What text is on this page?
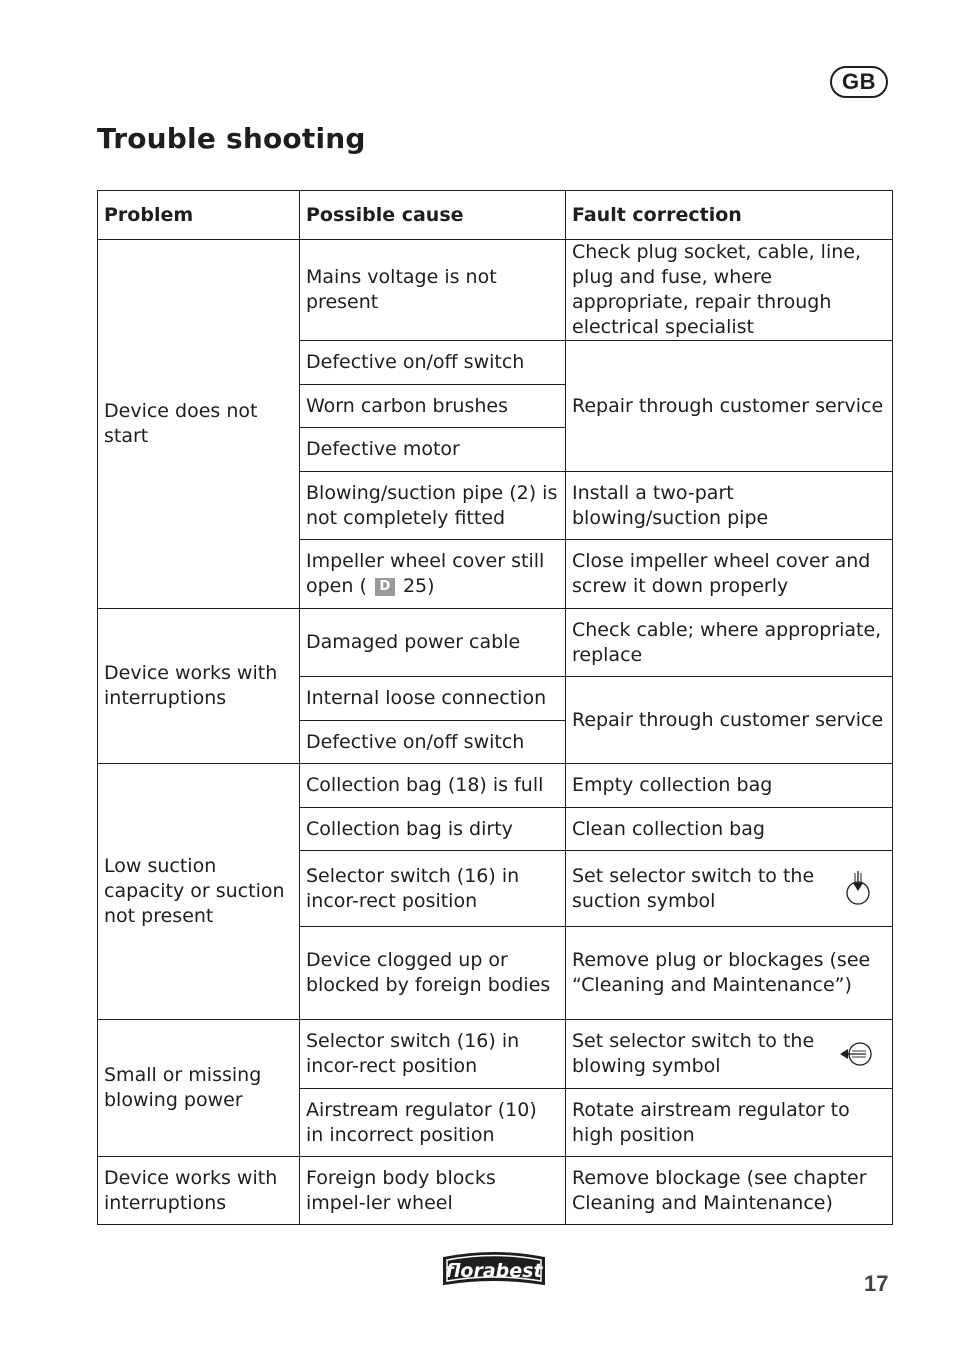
GB
Trouble shooting
Problem	Possible cause	Fault correction
Device does not start	Mains voltage is not present	Check plug socket, cable, line, plug and fuse, where appropriate, repair through electrical specialist
	Defective on/off switch	Repair through customer service
	Worn carbon brushes	
	Defective motor	
	Blowing/suction pipe (2) is not completely fitted	Install a two-part blowing/suction pipe
	Impeller wheel cover still open ( D 25)	Close impeller wheel cover and screw it down properly
Device works with interruptions	Damaged power cable	Check cable; where appropriate, replace
	Internal loose connection	Repair through customer service
	Defective on/off switch	
Low suction capacity or suction not present	Collection bag (18) is full	Empty collection bag
	Collection bag is dirty	Clean collection bag
	Selector switch (16) in incor-rect position	Set selector switch to the suction symbol

	Device clogged up or blocked by foreign bodies	Remove plug or blockages (see “Cleaning and Maintenance”)
Small or missing blowing power	Selector switch (16) in incor-rect position	Set selector switch to the blowing symbol

	Airstream regulator (10) in incorrect position	Rotate airstream regulator to high position
Device works with interruptions	Foreign body blocks impel-ler wheel	Remove blockage (see chapter Cleaning and Maintenance)
florabest	17
